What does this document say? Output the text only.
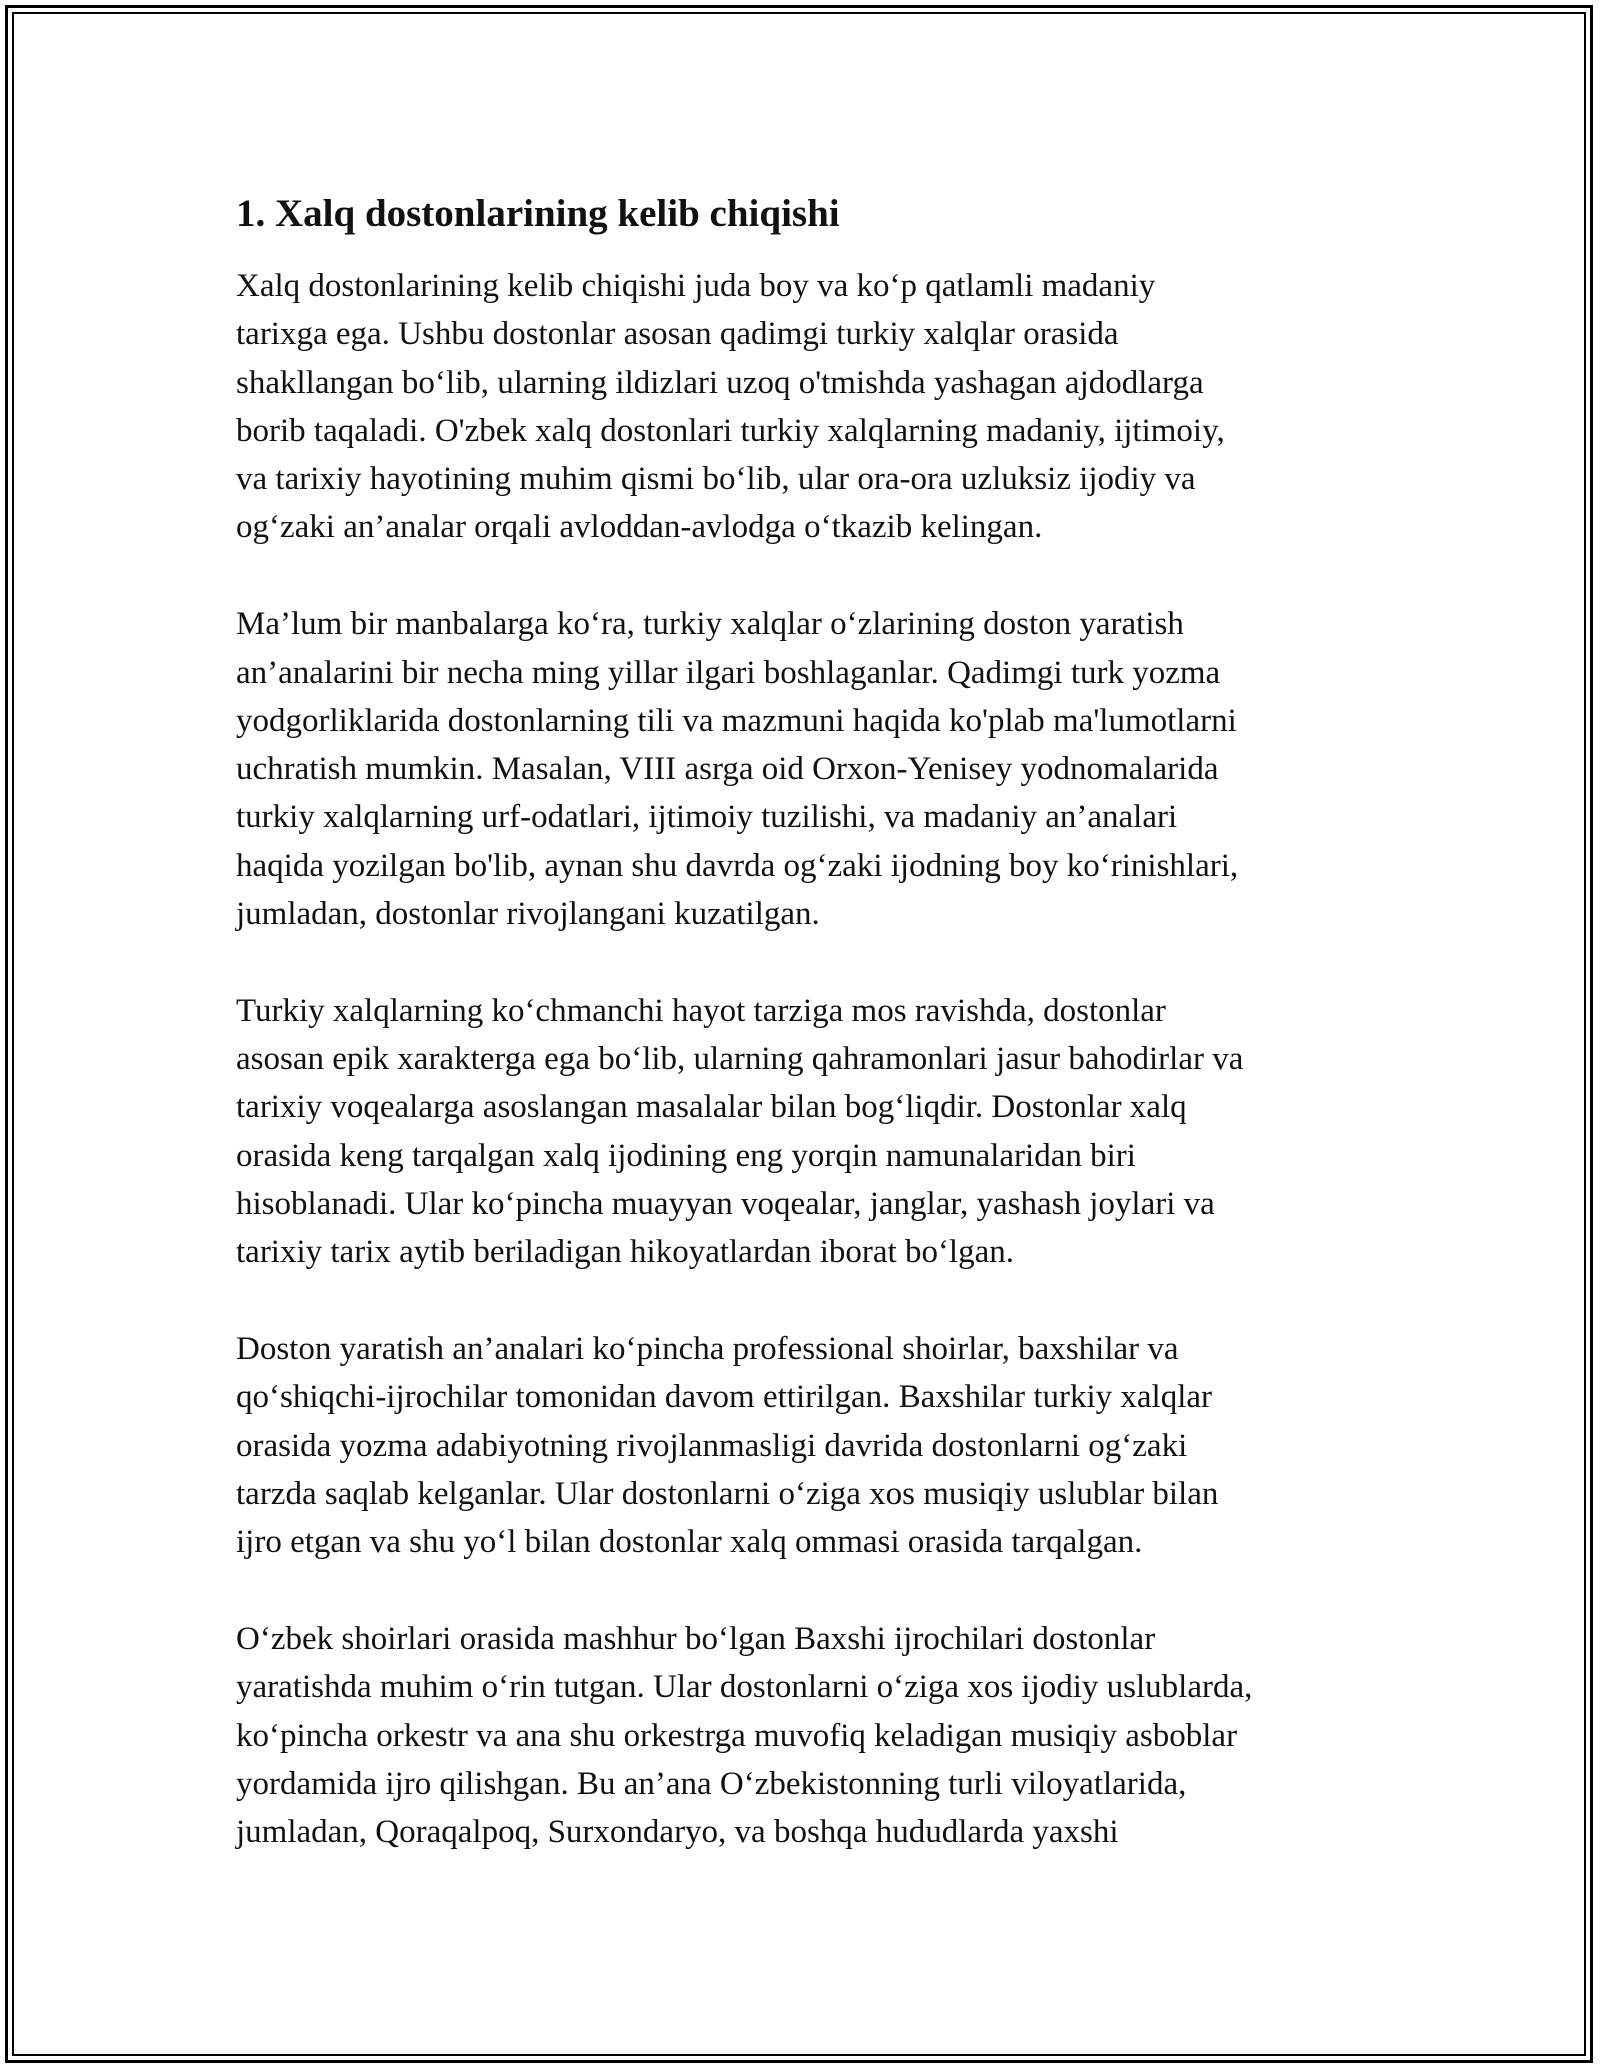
1. Xalq dostonlarining kelib chiqishi

Xalq dostonlarining kelib chiqishi juda boy va ko‘p qatlamli madaniy
tarixga ega. Ushbu dostonlar asosan qadimgi turkiy xalqlar orasida
shakllangan bo‘lib, ularning ildizlari uzoq o'tmishda yashagan ajdodlarga
borib taqaladi. O'zbek xalq dostonlari turkiy xalqlarning madaniy, ijtimoiy,
va tarixiy hayotining muhim qismi bo‘lib, ular ora-ora uzluksiz ijodiy va
og‘zaki an’analar orqali avloddan-avlodga o‘tkazib kelingan.

Ma’lum bir manbalarga ko‘ra, turkiy xalqlar o‘zlarining doston yaratish
an’analarini bir necha ming yillar ilgari boshlaganlar. Qadimgi turk yozma
yodgorliklarida dostonlarning tili va mazmuni haqida ko'plab ma'lumotlarni
uchratish mumkin. Masalan, VIII asrga oid Orxon-Yenisey yodnomalarida
turkiy xalqlarning urf-odatlari, ijtimoiy tuzilishi, va madaniy an’analari
haqida yozilgan bo'lib, aynan shu davrda og‘zaki ijodning boy ko‘rinishlari,
jumladan, dostonlar rivojlangani kuzatilgan.

Turkiy xalqlarning ko‘chmanchi hayot tarziga mos ravishda, dostonlar
asosan epik xarakterga ega bo‘lib, ularning qahramonlari jasur bahodirlar va
tarixiy voqealarga asoslangan masalalar bilan bog‘liqdir. Dostonlar xalq
orasida keng tarqalgan xalq ijodining eng yorqin namunalaridan biri
hisoblanadi. Ular ko‘pincha muayyan voqealar, janglar, yashash joylari va
tarixiy tarix aytib beriladigan hikoyatlardan iborat bo‘lgan.

Doston yaratish an’analari ko‘pincha professional shoirlar, baxshilar va
qo‘shiqchi-ijrochilar tomonidan davom ettirilgan. Baxshilar turkiy xalqlar
orasida yozma adabiyotning rivojlanmasligi davrida dostonlarni og‘zaki
tarzda saqlab kelganlar. Ular dostonlarni o‘ziga xos musiqiy uslublar bilan
ijro etgan va shu yo‘l bilan dostonlar xalq ommasi orasida tarqalgan.

O‘zbek shoirlari orasida mashhur bo‘lgan Baxshi ijrochilari dostonlar
yaratishda muhim o‘rin tutgan. Ular dostonlarni o‘ziga xos ijodiy uslublarda,
ko‘pincha orkestr va ana shu orkestrga muvofiq keladigan musiqiy asboblar
yordamida ijro qilishgan. Bu an’ana O‘zbekistonning turli viloyatlarida,
jumladan, Qoraqalpoq, Surxondaryo, va boshqa hududlarda yaxshi
